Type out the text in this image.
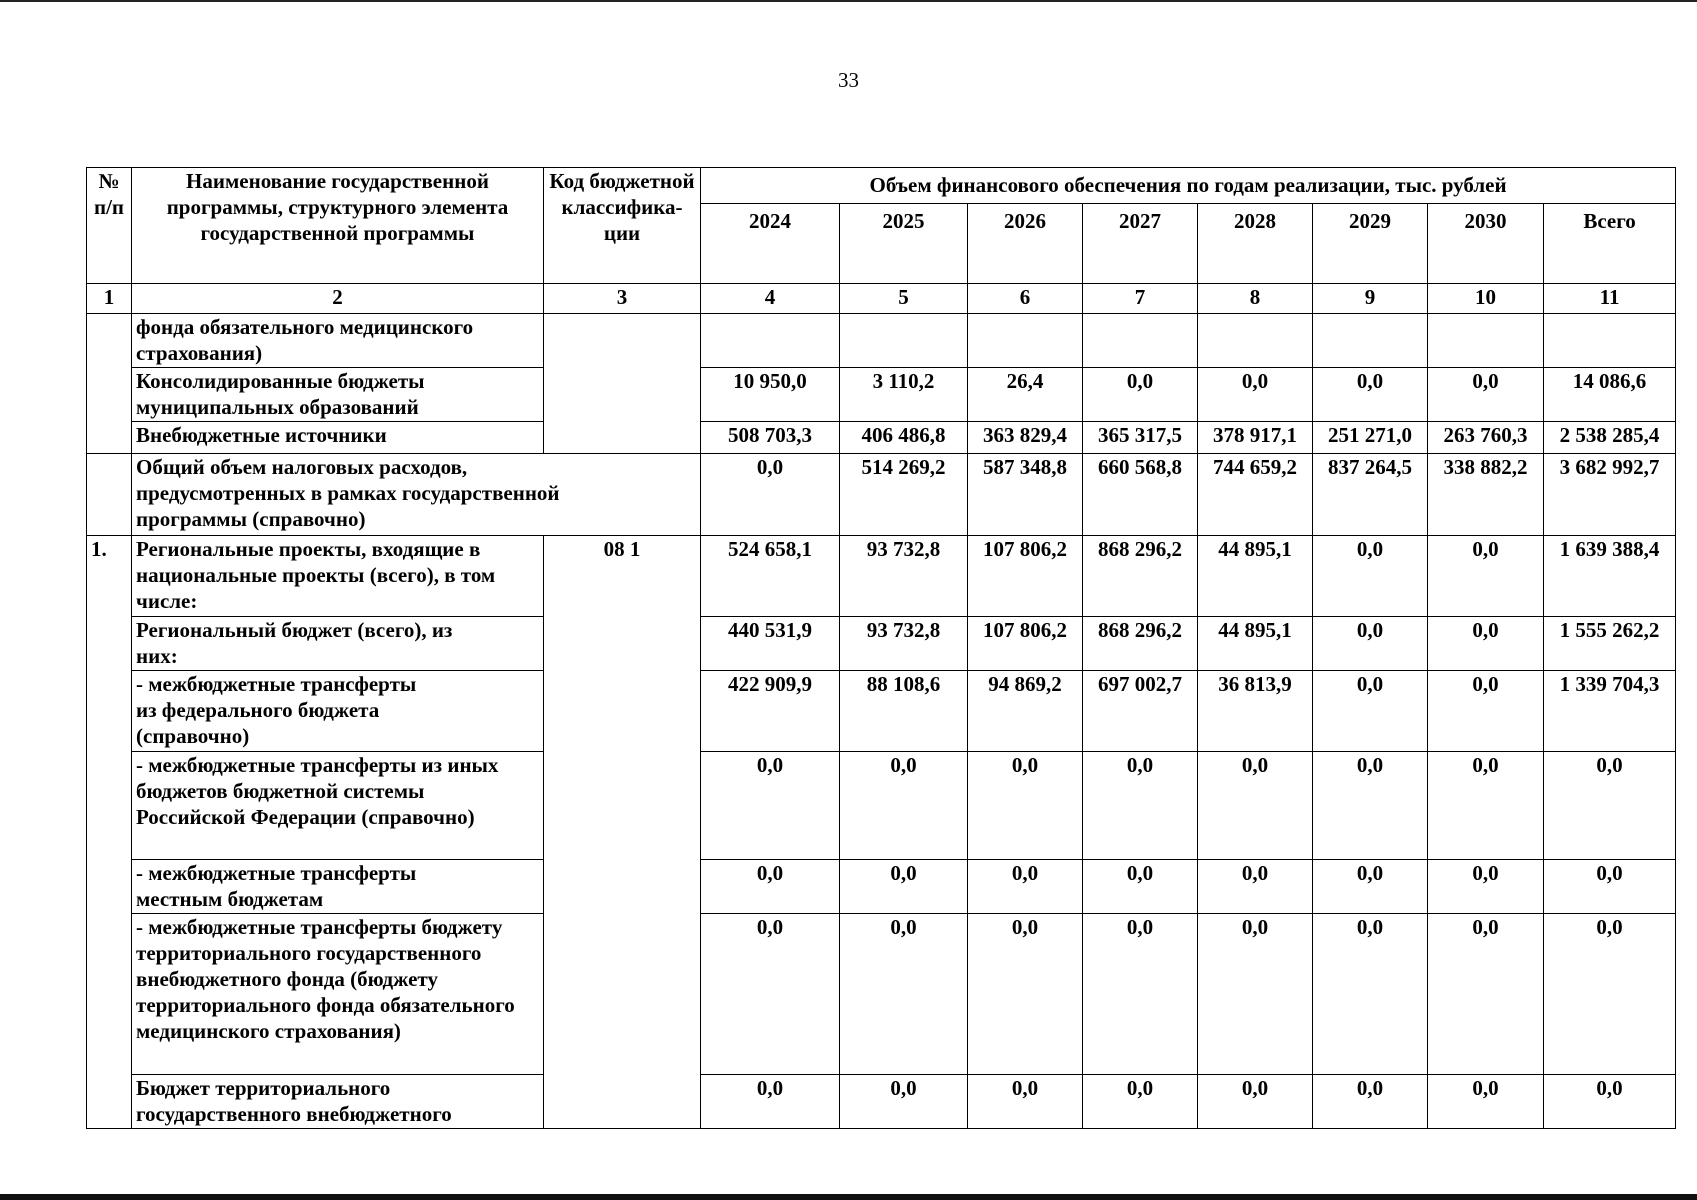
33
№ п/п	Наименование государственной программы, структурного элемента государственной программы	Код бюджетной классифика-ции	Объем финансового обеспечения по годам реализации, тыс. рублей							
			2024	2025	2026	2027	2028	2029	2030	Всего
1	2	3	4	5	6	7	8	9	10	11
	фонда обязательного медицинского страхования)									
	Консолидированные бюджеты муниципальных образований		10 950,0	3 110,2	26,4	0,0	0,0	0,0	0,0	14 086,6
	Внебюджетные источники		508 703,3	406 486,8	363 829,4	365 317,5	378 917,1	251 271,0	263 760,3	2 538 285,4
	Общий объем налоговых расходов, предусмотренных в рамках государственной программы (справочно)		0,0	514 269,2	587 348,8	660 568,8	744 659,2	837 264,5	338 882,2	3 682 992,7
1.	Региональные проекты, входящие в национальные проекты (всего), в том числе:	08 1	524 658,1	93 732,8	107 806,2	868 296,2	44 895,1	0,0	0,0	1 639 388,4
	Региональный бюджет (всего), из них:		440 531,9	93 732,8	107 806,2	868 296,2	44 895,1	0,0	0,0	1 555 262,2
	- межбюджетные трансферты из федерального бюджета (справочно)		422 909,9	88 108,6	94 869,2	697 002,7	36 813,9	0,0	0,0	1 339 704,3
	- межбюджетные трансферты из иных бюджетов бюджетной системы Российской Федерации (справочно)		0,0	0,0	0,0	0,0	0,0	0,0	0,0	0,0
	- межбюджетные трансферты местным бюджетам		0,0	0,0	0,0	0,0	0,0	0,0	0,0	0,0
	- межбюджетные трансферты бюджету территориального государственного внебюджетного фонда (бюджету территориального фонда обязательного медицинского страхования)		0,0	0,0	0,0	0,0	0,0	0,0	0,0	0,0
	Бюджет территориального государственного внебюджетного		0,0	0,0	0,0	0,0	0,0	0,0	0,0	0,0
